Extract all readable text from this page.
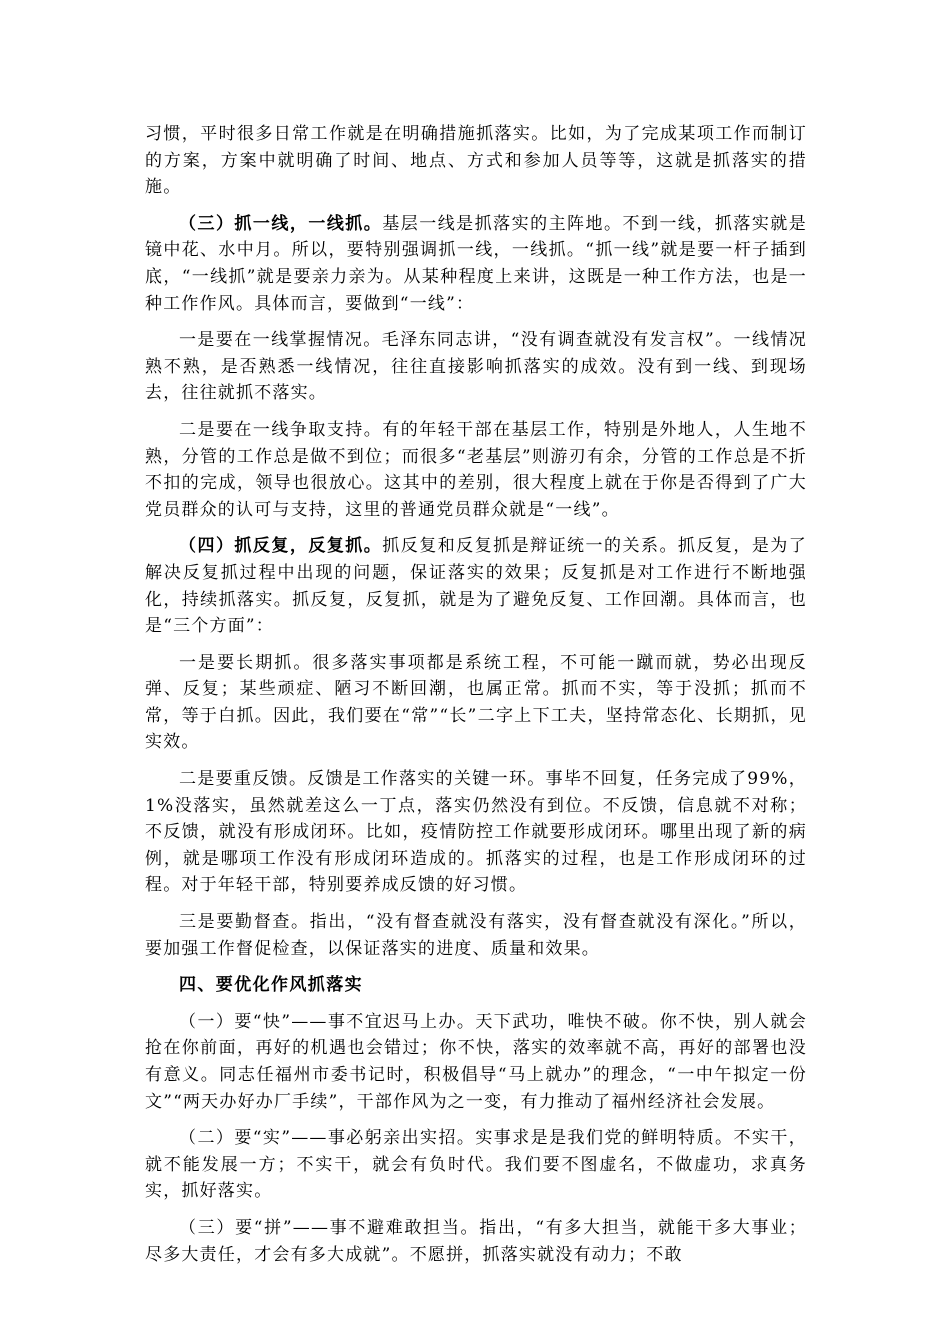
习惯，平时很多日常工作就是在明确措施抓落实。比如，为了完成某项工作而制订的方案，方案中就明确了时间、地点、方式和参加人员等等，这就是抓落实的措施。

（三）抓一线，一线抓。基层一线是抓落实的主阵地。不到一线，抓落实就是镜中花、水中月。所以，要特别强调抓一线，一线抓。“抓一线”就是要一杆子插到底，“一线抓”就是要亲力亲为。从某种程度上来讲，这既是一种工作方法，也是一种工作作风。具体而言，要做到“一线”：

一是要在一线掌握情况。毛泽东同志讲，“没有调查就没有发言权”。一线情况熟不熟，是否熟悉一线情况，往往直接影响抓落实的成效。没有到一线、到现场去，往往就抓不落实。

二是要在一线争取支持。有的年轻干部在基层工作，特别是外地人，人生地不熟，分管的工作总是做不到位；而很多“老基层”则游刃有余，分管的工作总是不折不扣的完成，领导也很放心。这其中的差别，很大程度上就在于你是否得到了广大党员群众的认可与支持，这里的普通党员群众就是“一线”。

（四）抓反复，反复抓。抓反复和反复抓是辩证统一的关系。抓反复，是为了解决反复抓过程中出现的问题，保证落实的效果；反复抓是对工作进行不断地强化，持续抓落实。抓反复，反复抓，就是为了避免反复、工作回潮。具体而言，也是“三个方面”：

一是要长期抓。很多落实事项都是系统工程，不可能一蹴而就，势必出现反弹、反复；某些顽症、陋习不断回潮，也属正常。抓而不实，等于没抓；抓而不常，等于白抓。因此，我们要在“常”“长”二字上下工夫，坚持常态化、长期抓，见实效。

二是要重反馈。反馈是工作落实的关键一环。事毕不回复，任务完成了99%，1%没落实，虽然就差这么一丁点，落实仍然没有到位。不反馈，信息就不对称；不反馈，就没有形成闭环。比如，疫情防控工作就要形成闭环。哪里出现了新的病例，就是哪项工作没有形成闭环造成的。抓落实的过程，也是工作形成闭环的过程。对于年轻干部，特别要养成反馈的好习惯。

三是要勤督查。指出，“没有督查就没有落实，没有督查就没有深化。”所以，要加强工作督促检查，以保证落实的进度、质量和效果。

四、要优化作风抓落实

（一）要“快”——事不宜迟马上办。天下武功，唯快不破。你不快，别人就会抢在你前面，再好的机遇也会错过；你不快，落实的效率就不高，再好的部署也没有意义。同志任福州市委书记时，积极倡导“马上就办”的理念，“一中午拟定一份文”“两天办好办厂手续”，干部作风为之一变，有力推动了福州经济社会发展。

（二）要“实”——事必躬亲出实招。实事求是是我们党的鲜明特质。不实干，就不能发展一方；不实干，就会有负时代。我们要不图虚名，不做虚功，求真务实，抓好落实。

（三）要“拼”——事不避难敢担当。指出，“有多大担当，就能干多大事业；尽多大责任，才会有多大成就”。不愿拼，抓落实就没有动力；不敢
